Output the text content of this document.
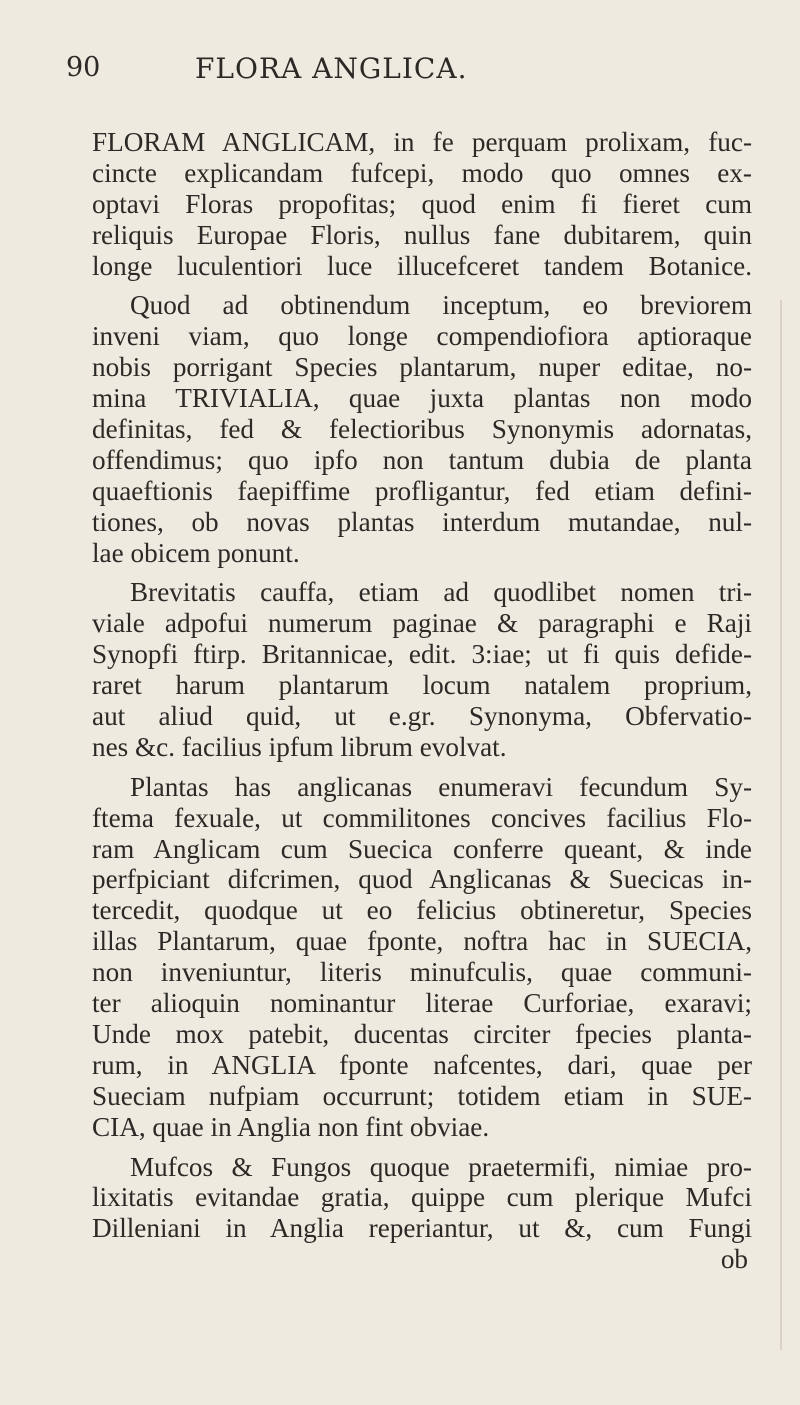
90	FLORA ANGLICA.
FLORAM ANGLICAM, in fe perquam prolixam, fuc-
cincte explicandam fufcepi, modo quo omnes ex-
optavi Floras propofitas; quod enim fi fieret cum
reliquis Europae Floris, nullus fane dubitarem, quin
longe luculentiori luce illucefceret tandem Botanice.
Quod ad obtinendum inceptum, eo breviorem
inveni viam, quo longe compendiofiora aptioraque
nobis porrigant Species plantarum, nuper editae, no-
mina TRIVIALIA, quae juxta plantas non modo
definitas, fed & felectioribus Synonymis adornatas,
offendimus; quo ipfo non tantum dubia de planta
quaeftionis faepiffime profligantur, fed etiam defini-
tiones, ob novas plantas interdum mutandae, nul-
lae obicem ponunt.
Brevitatis cauffa, etiam ad quodlibet nomen tri-
viale adpofui numerum paginae & paragraphi e Raji
Synopfi ftirp. Britannicae, edit. 3:iae; ut fi quis defide-
raret harum plantarum locum natalem proprium,
aut aliud quid, ut e.gr. Synonyma, Obfervatio-
nes &c. facilius ipfum librum evolvat.
Plantas has anglicanas enumeravi fecundum Sy-
ftema fexuale, ut commilitones concives facilius Flo-
ram Anglicam cum Suecica conferre queant, & inde
perfpiciant difcrimen, quod Anglicanas & Suecicas in-
tercedit, quodque ut eo felicius obtineretur, Species
illas Plantarum, quae fponte, noftra hac in SUECIA,
non inveniuntur, literis minufculis, quae communi-
ter alioquin nominantur literae Curforiae, exaravi;
Unde mox patebit, ducentas circiter fpecies planta-
rum, in ANGLIA fponte nafcentes, dari, quae per
Sueciam nufpiam occurrunt; totidem etiam in SUE-
CIA, quae in Anglia non fint obviae.
Mufcos & Fungos quoque praetermifi, nimiae pro-
lixitatis evitandae gratia, quippe cum plerique Mufci
Dilleniani in Anglia reperiantur, ut &, cum Fungi
ob
